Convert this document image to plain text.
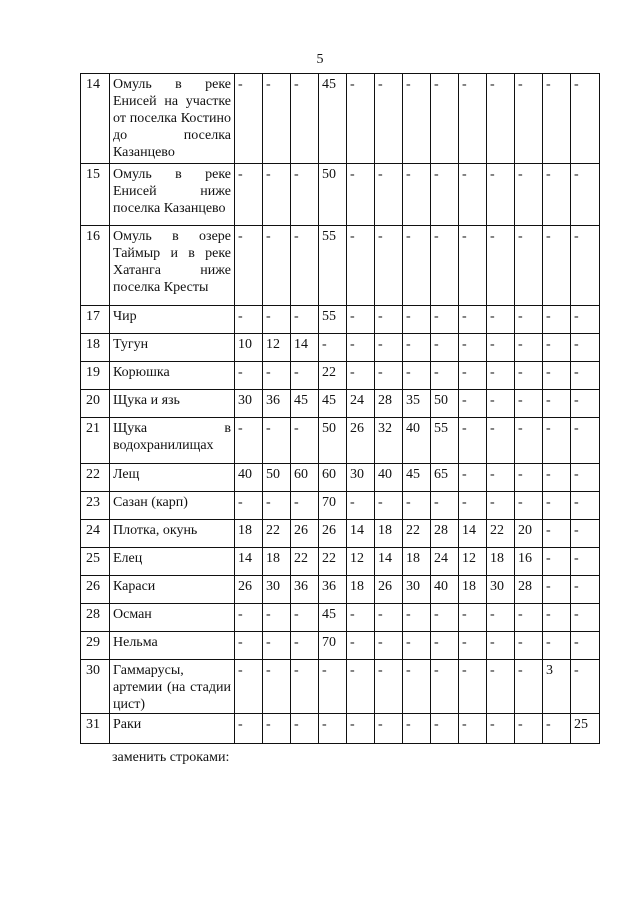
5
14	Омуль в реке Енисей на участке от поселка Костино до поселка Казанцево	-	-	-	45	-	-	-	-	-	-	-	-	-
15	Омуль в реке Енисей ниже поселка Казанцево	-	-	-	50	-	-	-	-	-	-	-	-	-
16	Омуль в озере Таймыр и в реке Хатанга ниже поселка Кресты	-	-	-	55	-	-	-	-	-	-	-	-	-
17	Чир	-	-	-	55	-	-	-	-	-	-	-	-	-
18	Тугун	10	12	14	-	-	-	-	-	-	-	-	-	-
19	Корюшка	-	-	-	22	-	-	-	-	-	-	-	-	-
20	Щука и язь	30	36	45	45	24	28	35	50	-	-	-	-	-
21	Щука в водохранилищах	-	-	-	50	26	32	40	55	-	-	-	-	-
22	Лещ	40	50	60	60	30	40	45	65	-	-	-	-	-
23	Сазан (карп)	-	-	-	70	-	-	-	-	-	-	-	-	-
24	Плотка, окунь	18	22	26	26	14	18	22	28	14	22	20	-	-
25	Елец	14	18	22	22	12	14	18	24	12	18	16	-	-
26	Караси	26	30	36	36	18	26	30	40	18	30	28	-	-
28	Осман	-	-	-	45	-	-	-	-	-	-	-	-	-
29	Нельма	-	-	-	70	-	-	-	-	-	-	-	-	-
30	Гаммарусы, артемии (на стадии цист)	-	-	-	-	-	-	-	-	-	-	-	3	-
31	Раки	-	-	-	-	-	-	-	-	-	-	-	-	25
заменить строками:
